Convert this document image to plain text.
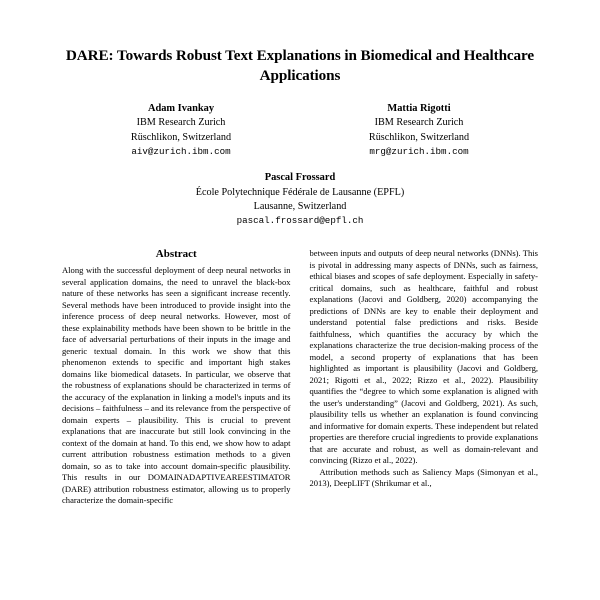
DARE: Towards Robust Text Explanations in Biomedical and Healthcare Applications
Adam Ivankay
IBM Research Zurich
Rüschlikon, Switzerland
aiv@zurich.ibm.com
Mattia Rigotti
IBM Research Zurich
Rüschlikon, Switzerland
mrg@zurich.ibm.com
Pascal Frossard
École Polytechnique Fédérale de Lausanne (EPFL)
Lausanne, Switzerland
pascal.frossard@epfl.ch
Abstract

Along with the successful deployment of deep neural networks in several application domains, the need to unravel the black-box nature of these networks has seen a significant increase recently. Several methods have been introduced to provide insight into the inference process of deep neural networks. However, most of these explainability methods have been shown to be brittle in the face of adversarial perturbations of their inputs in the image and generic textual domain. In this work we show that this phenomenon extends to specific and important high stakes domains like biomedical datasets. In particular, we observe that the robustness of explanations should be characterized in terms of the accuracy of the explanation in linking a model's inputs and its decisions – faithfulness – and its relevance from the perspective of domain experts – plausibility. This is crucial to prevent explanations that are inaccurate but still look convincing in the context of the domain at hand. To this end, we show how to adapt current attribution robustness estimation methods to a given domain, so as to take into account domain-specific plausibility. This results in our DOMAINADAPTIVEAREESTIMATOR (DARE) attribution robustness estimator, allowing us to properly characterize the domain-specific

between inputs and outputs of deep neural networks (DNNs). This is pivotal in addressing many aspects of DNNs, such as fairness, ethical biases and scopes of safe deployment. Especially in safety-critical domains, such as healthcare, faithful and robust explanations (Jacovi and Goldberg, 2020) accompanying the predictions of DNNs are key to enable their deployment and understand potential false predictions and risks. Beside faithfulness, which quantifies the accuracy by which the explanations characterize the true decision-making process of the model, a second property of explanations that has been highlighted as important is plausibility (Jacovi and Goldberg, 2021; Rigotti et al., 2022; Rizzo et al., 2022). Plausibility quantifies the “degree to which some explanation is aligned with the user's understanding” (Jacovi and Goldberg, 2021). As such, plausibility tells us whether an explanation is found convincing and informative for domain experts. These independent but related properties are therefore crucial ingredients to provide explanations that are accurate and robust, as well as domain-relevant and convincing (Rizzo et al., 2022).

Attribution methods such as Saliency Maps (Simonyan et al., 2013), DeepLIFT (Shrikumar et al.,
